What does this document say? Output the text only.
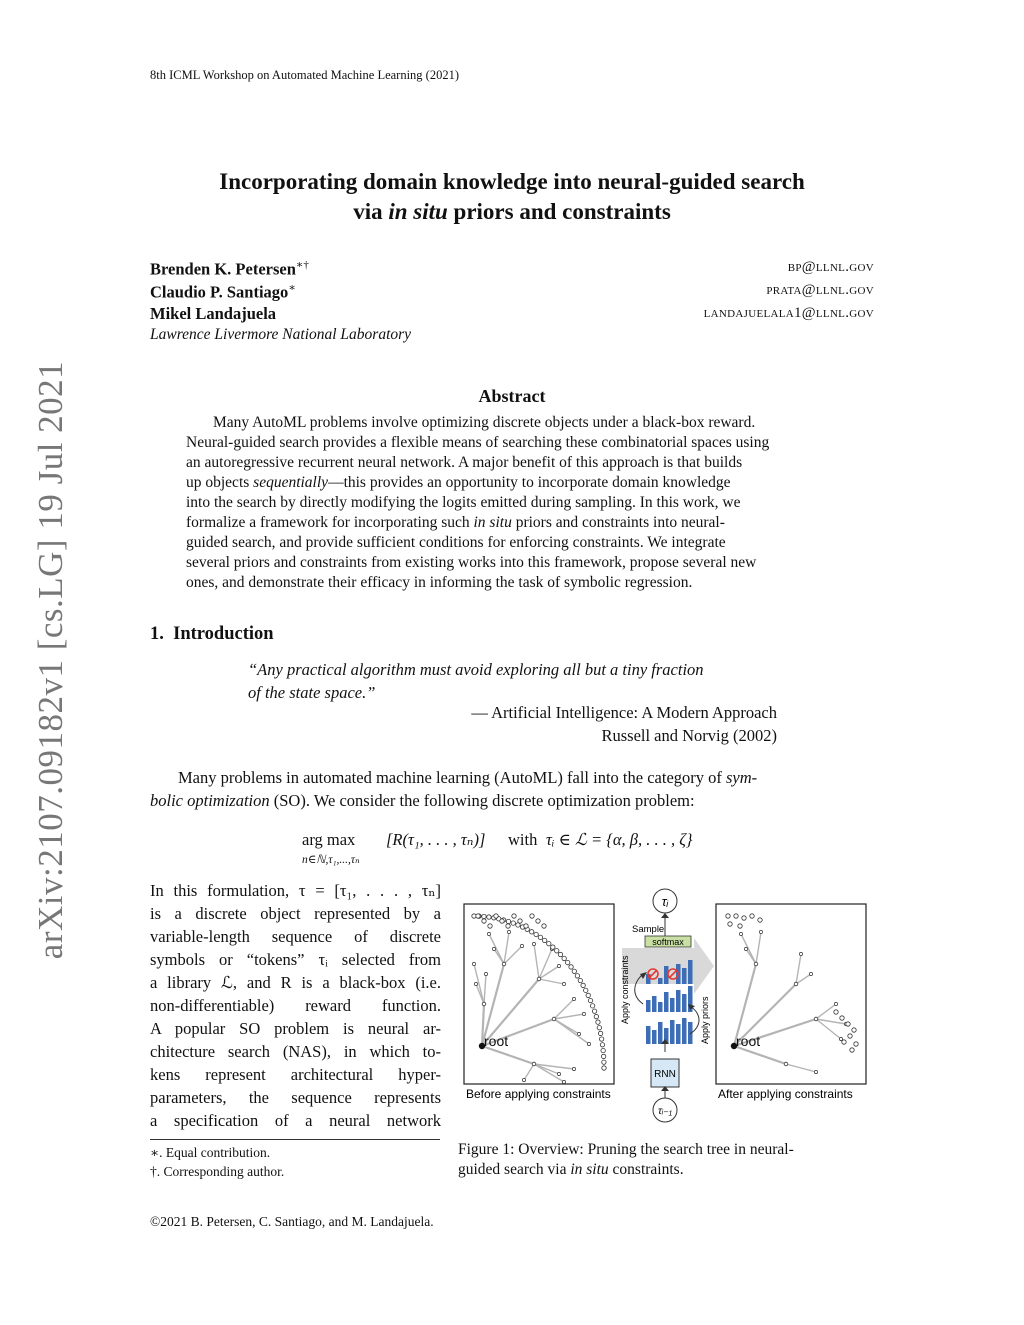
8th ICML Workshop on Automated Machine Learning (2021)
arXiv:2107.09182v1 [cs.LG] 19 Jul 2021
Incorporating domain knowledge into neural-guided search
via in situ priors and constraints
Brenden K. Petersen∗†	bp@llnl.gov
Claudio P. Santiago∗	prata@llnl.gov
Mikel Landajuela	landajuelala1@llnl.gov
Lawrence Livermore National Laboratory
Abstract
Many AutoML problems involve optimizing discrete objects under a black-box reward.
Neural-guided search provides a flexible means of searching these combinatorial spaces using
an autoregressive recurrent neural network. A major benefit of this approach is that builds
up objects sequentially—this provides an opportunity to incorporate domain knowledge
into the search by directly modifying the logits emitted during sampling. In this work, we
formalize a framework for incorporating such in situ priors and constraints into neural-
guided search, and provide sufficient conditions for enforcing constraints. We integrate
several priors and constraints from existing works into this framework, propose several new
ones, and demonstrate their efficacy in informing the task of symbolic regression.
1. Introduction
“Any practical algorithm must avoid exploring all but a tiny fraction
of the state space.”
— Artificial Intelligence: A Modern Approach
Russell and Norvig (2002)
Many problems in automated machine learning (AutoML) fall into the category of sym-
bolic optimization (SO). We consider the following discrete optimization problem:
arg max
n∈ℕ,τ₁,...,τₙ
[R(τ₁, . . . , τₙ)] with τᵢ ∈ ℒ = {α, β, . . . , ζ}
In this formulation, τ = [τ₁, . . . , τₙ]
is a discrete object represented by a
variable-length sequence of discrete
symbols or “tokens” τᵢ selected from
a library ℒ, and R is a black-box (i.e.
non-differentiable) reward function.
A popular SO problem is neural ar-
chitecture search (NAS), in which to-
kens represent architectural hyper-
parameters, the sequence represents
a specification of a neural network
∗. Equal contribution.
†. Corresponding author.
root	root
τᵢ
Sample
softmax
Apply constraints	Apply priors
RNN
τᵢ₋₁
Before applying constraints	After applying constraints
Figure 1: Overview: Pruning the search tree in neural-
guided search via in situ constraints.
©2021 B. Petersen, C. Santiago, and M. Landajuela.
